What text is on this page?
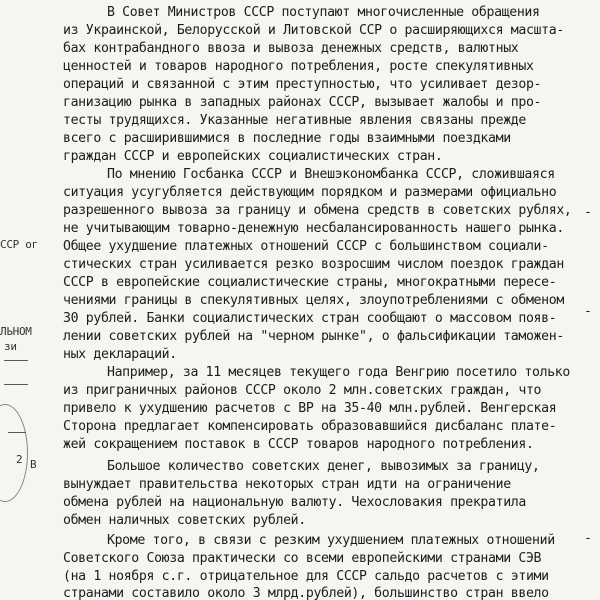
ССР ог
ЛЬНОМ
зи
2 В
-
-
-
В Совет Министров СССР поступают многочисленные обращения
из Украинской, Белорусской и Литовской ССР о расширяющихся масшта-
бах контрабандного ввоза и вывоза денежных средств, валютных
ценностей и товаров народного потребления, росте спекулятивных
операций и связанной с этим преступностью, что усиливает дезор-
ганизацию рынка в западных районах СССР, вызывает жалобы и про-
тесты трудящихся. Указанные негативные явления связаны прежде
всего с расширившимися в последние годы взаимными поездками
граждан СССР и европейских социалистических стран.
По мнению Госбанка СССР и Внешэкономбанка СССР, сложившаяся
ситуация усугубляется действующим порядком и размерами официально
разрешенного вывоза за границу и обмена средств в советских рублях,
не учитывающим товарно-денежную несбалансированность нашего рынка.
Общее ухудшение платежных отношений СССР с большинством социали-
стических стран усиливается резко возросшим числом поездок граждан
СССР в европейские социалистические страны, многократными пересе-
чениями границы в спекулятивных целях, злоупотреблениями с обменом
30 рублей. Банки социалистических стран сообщают о массовом появ-
лении советских рублей на "черном рынке", о фальсификации таможен-
ных деклараций.
Например, за 11 месяцев текущего года Венгрию посетило только
из приграничных районов СССР около 2 млн.советских граждан, что
привело к ухудшению расчетов с ВР на 35-40 млн.рублей. Венгерская
Сторона предлагает компенсировать образовавшийся дисбаланс плате-
жей сокращением поставок в СССР товаров народного потребления.
Большое количество советских денег, вывозимых за границу,
вынуждает правительства некоторых стран идти на ограничение
обмена рублей на национальную валюту. Чехословакия прекратила
обмен наличных советских рублей.
Кроме того, в связи с резким ухудшением платежных отношений
Советского Союза практически со всеми европейскими странами СЭВ
(на 1 ноября с.г. отрицательное для СССР сальдо расчетов с этими
странами составило около 3 млрд.рублей), большинство стран ввело
